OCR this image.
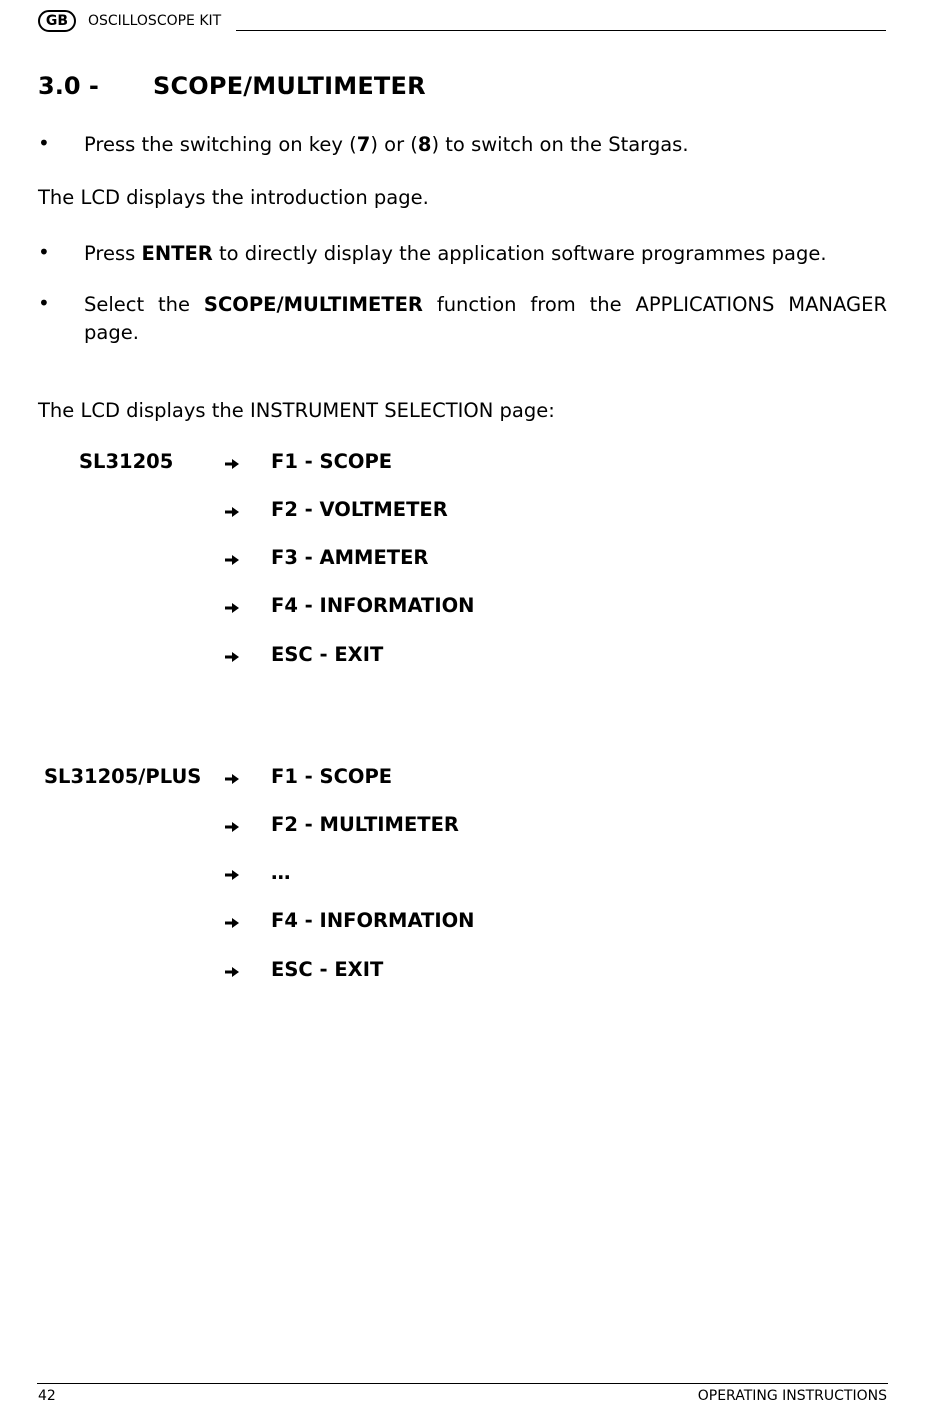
GB	OSCILLOSCOPE KIT
3.0 - SCOPE/MULTIMETER
• Press the switching on key (7) or (8) to switch on the Stargas.
The LCD displays the introduction page.
• Press ENTER to directly display the application software programmes page.
• Select the SCOPE/MULTIMETER function from the APPLICATIONS MANAGER page.
The LCD displays the INSTRUMENT SELECTION page:
SL31205	F1 - SCOPE
F2 - VOLTMETER
F3 - AMMETER
F4 - INFORMATION
ESC - EXIT
SL31205/PLUS	F1 - SCOPE
F2 - MULTIMETER
…
F4 - INFORMATION
ESC - EXIT
42	OPERATING INSTRUCTIONS
